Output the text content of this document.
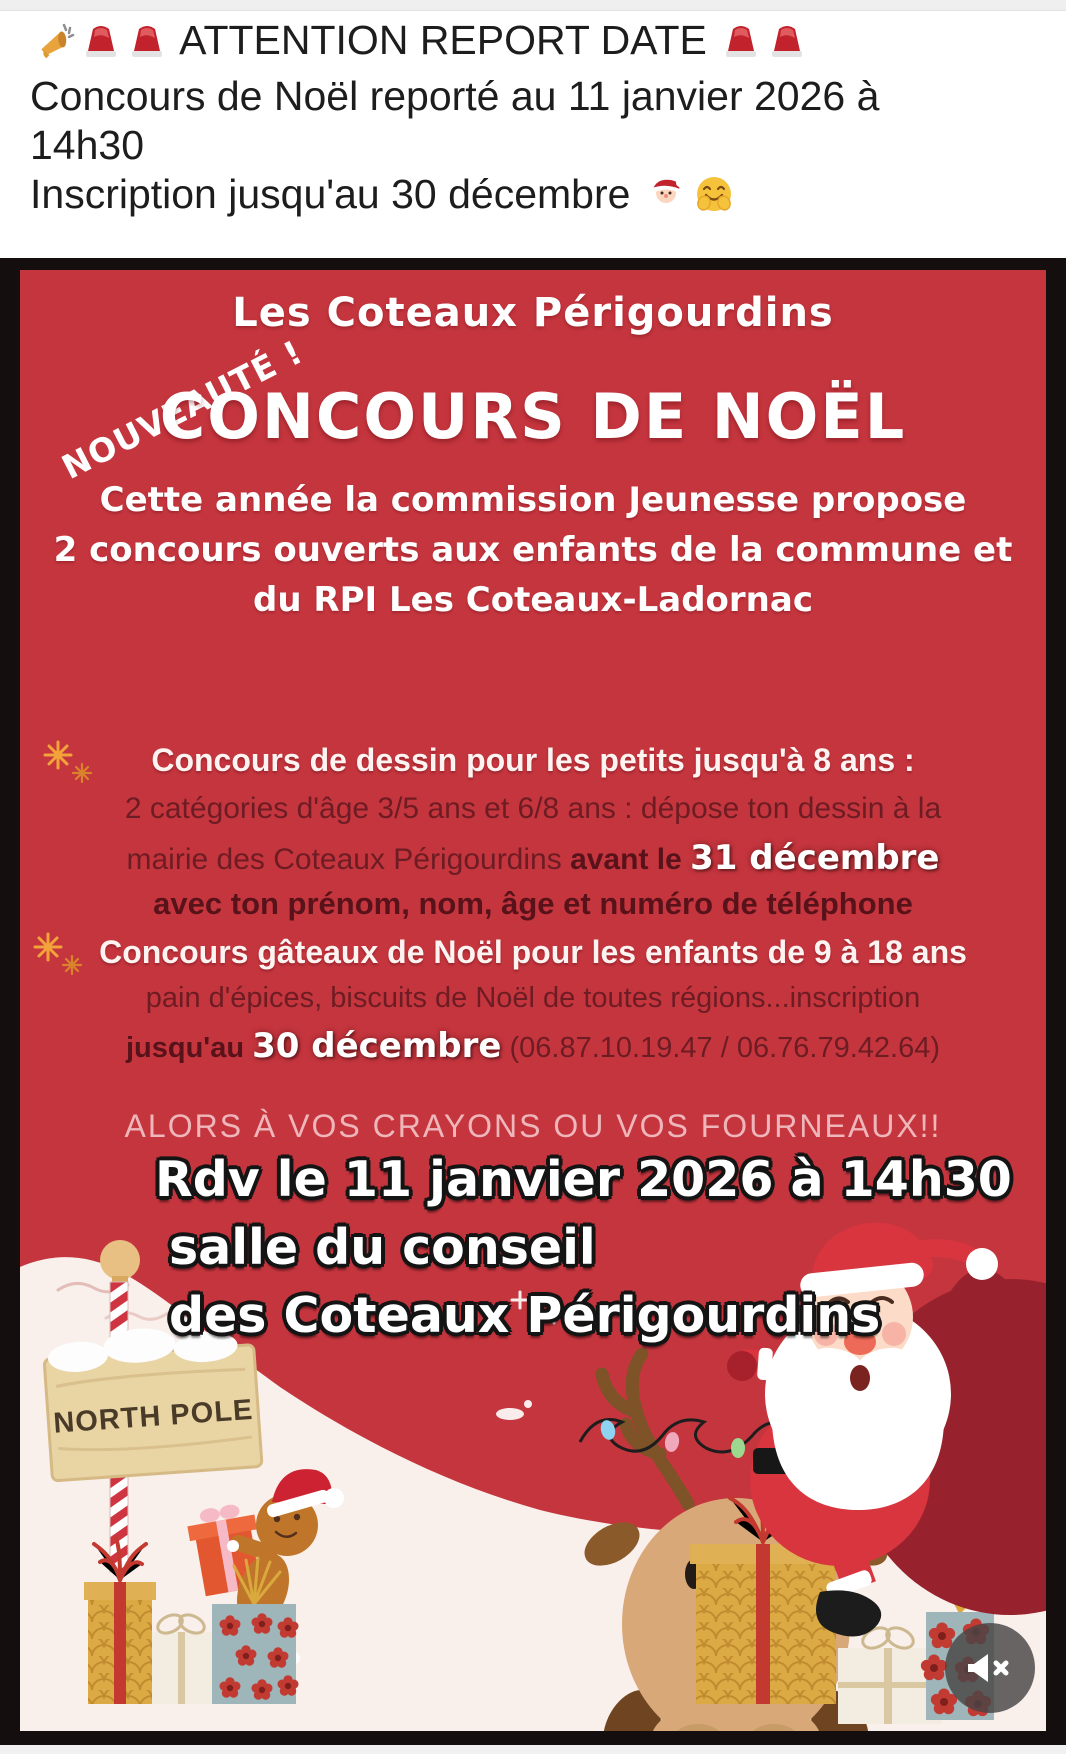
ATTENTION REPORT DATE
Concours de Noël reporté au 11 janvier 2026 à
14h30
Inscription jusqu'au 30 décembre
Les Coteaux Périgourdins
NOUVEAUTÉ !
CONCOURS DE NOËL
Cette année la commission Jeunesse propose
2 concours ouverts aux enfants de la commune et
du RPI Les Coteaux-Ladornac
Concours de dessin pour les petits jusqu'à 8 ans :
2 catégories d'âge 3/5 ans et 6/8 ans : dépose ton dessin à la
mairie des Coteaux Périgourdins avant le 31 décembre
avec ton prénom, nom, âge et numéro de téléphone
Concours gâteaux de Noël pour les enfants de 9 à 18 ans
pain d'épices, biscuits de Noël de toutes régions...inscription
jusqu'au 30 décembre (06.87.10.19.47 / 06.76.79.42.64)
ALORS À VOS CRAYONS OU VOS FOURNEAUX!!
NORTH POLE
Rdv le 11 janvier 2026 à 14h30
salle du conseil
des Coteaux Périgourdins
